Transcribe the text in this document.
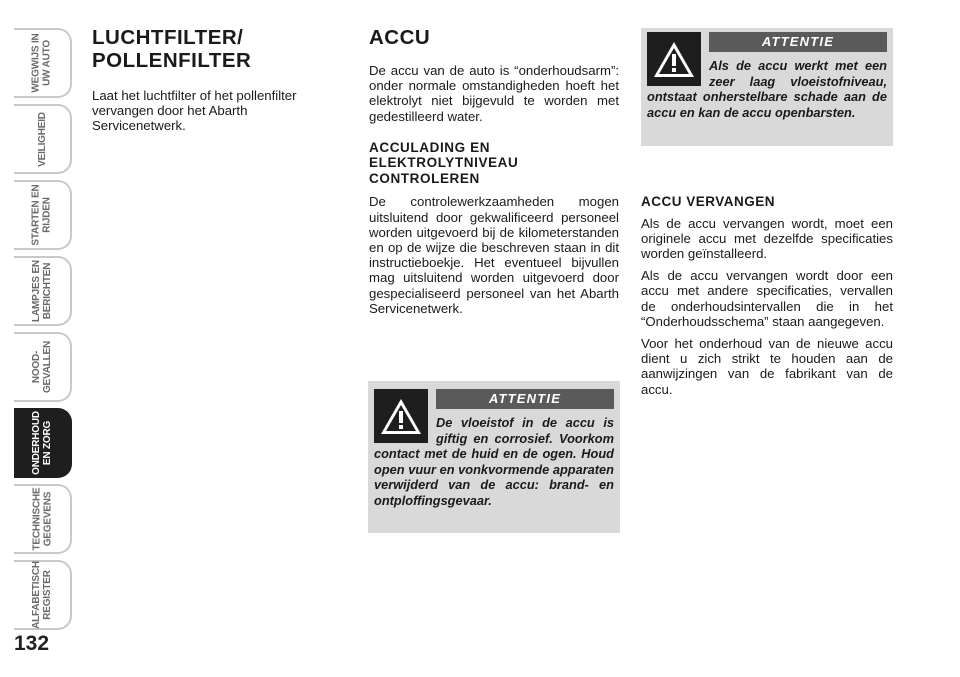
WEGWIJS IN
UW AUTO
VEILIGHEID
STARTEN EN
RIJDEN
LAMPJES EN
BERICHTEN
NOOD-
GEVALLEN
ONDERHOUD
EN ZORG
TECHNISCHE
GEGEVENS
ALFABETISCH
REGISTER
132
LUCHTFILTER/
POLLENFILTER

Laat het luchtfilter of het pollenfilter vervangen door het Abarth Servicenetwerk.

ACCU

De accu van de auto is “onderhoudsarm”: onder normale omstandigheden hoeft het elektrolyt niet bijgevuld te worden met gedestilleerd water.

ACCULADING EN
ELEKTROLYTNIVEAU
CONTROLEREN

De controlewerkzaamheden mogen uitsluitend door gekwalificeerd personeel worden uitgevoerd bij de kilometerstanden en op de wijze die beschreven staan in dit instructieboekje. Het eventueel bijvullen mag uitsluitend worden uitgevoerd door gespecialiseerd personeel van het Abarth Servicenetwerk.

ATTENTIE
De vloeistof in de accu is giftig en corrosief. Voorkom contact met de huid en de ogen. Houd open vuur en vonkvormende apparaten verwijderd van de accu: brand- en ontploffingsgevaar.
ATTENTIE
Als de accu werkt met een zeer laag vloeistofniveau, ontstaat onherstelbare schade aan de accu en kan de accu openbarsten.
ACCU VERVANGEN

Als de accu vervangen wordt, moet een originele accu met dezelfde specificaties worden geïnstalleerd.

Als de accu vervangen wordt door een accu met andere specificaties, vervallen de onderhoudsintervallen die in het “Onderhoudsschema” staan aangegeven.

Voor het onderhoud van de nieuwe accu dient u zich strikt te houden aan de aanwijzingen van de fabrikant van de accu.
